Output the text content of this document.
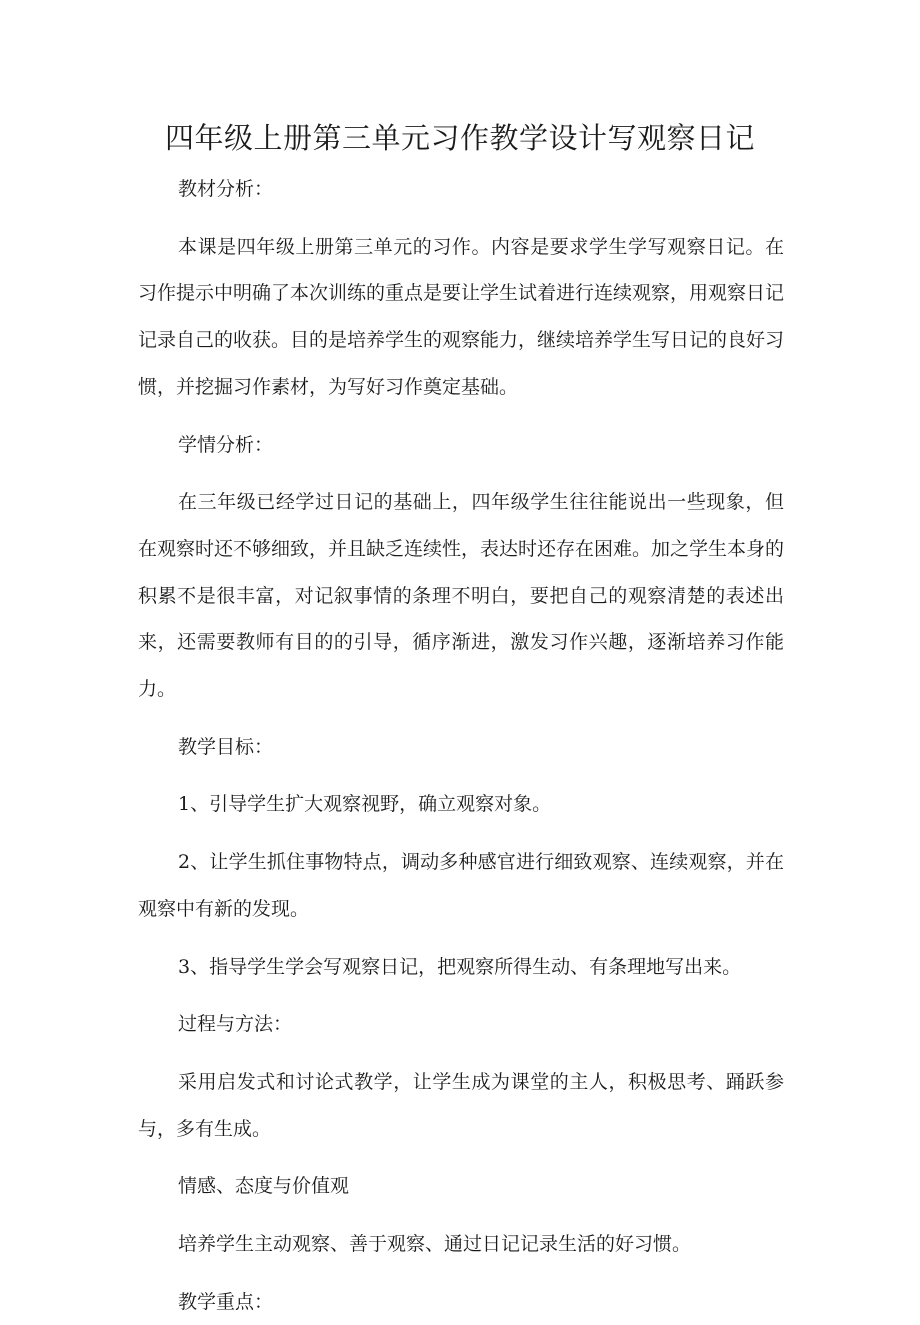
四年级上册第三单元习作教学设计写观察日记
教材分析：
本课是四年级上册第三单元的习作。内容是要求学生学写观察日记。在习作提示中明确了本次训练的重点是要让学生试着进行连续观察，用观察日记记录自己的收获。目的是培养学生的观察能力，继续培养学生写日记的良好习惯，并挖掘习作素材，为写好习作奠定基础。
学情分析：
在三年级已经学过日记的基础上，四年级学生往往能说出一些现象，但在观察时还不够细致，并且缺乏连续性，表达时还存在困难。加之学生本身的积累不是很丰富，对记叙事情的条理不明白，要把自己的观察清楚的表述出来，还需要教师有目的的引导，循序渐进，激发习作兴趣，逐渐培养习作能力。
教学目标：
1、引导学生扩大观察视野，确立观察对象。
2、让学生抓住事物特点，调动多种感官进行细致观察、连续观察，并在观察中有新的发现。
3、指导学生学会写观察日记，把观察所得生动、有条理地写出来。
过程与方法：
采用启发式和讨论式教学，让学生成为课堂的主人，积极思考、踊跃参与，多有生成。
情感、态度与价值观
培养学生主动观察、善于观察、通过日记记录生活的好习惯。
教学重点：
